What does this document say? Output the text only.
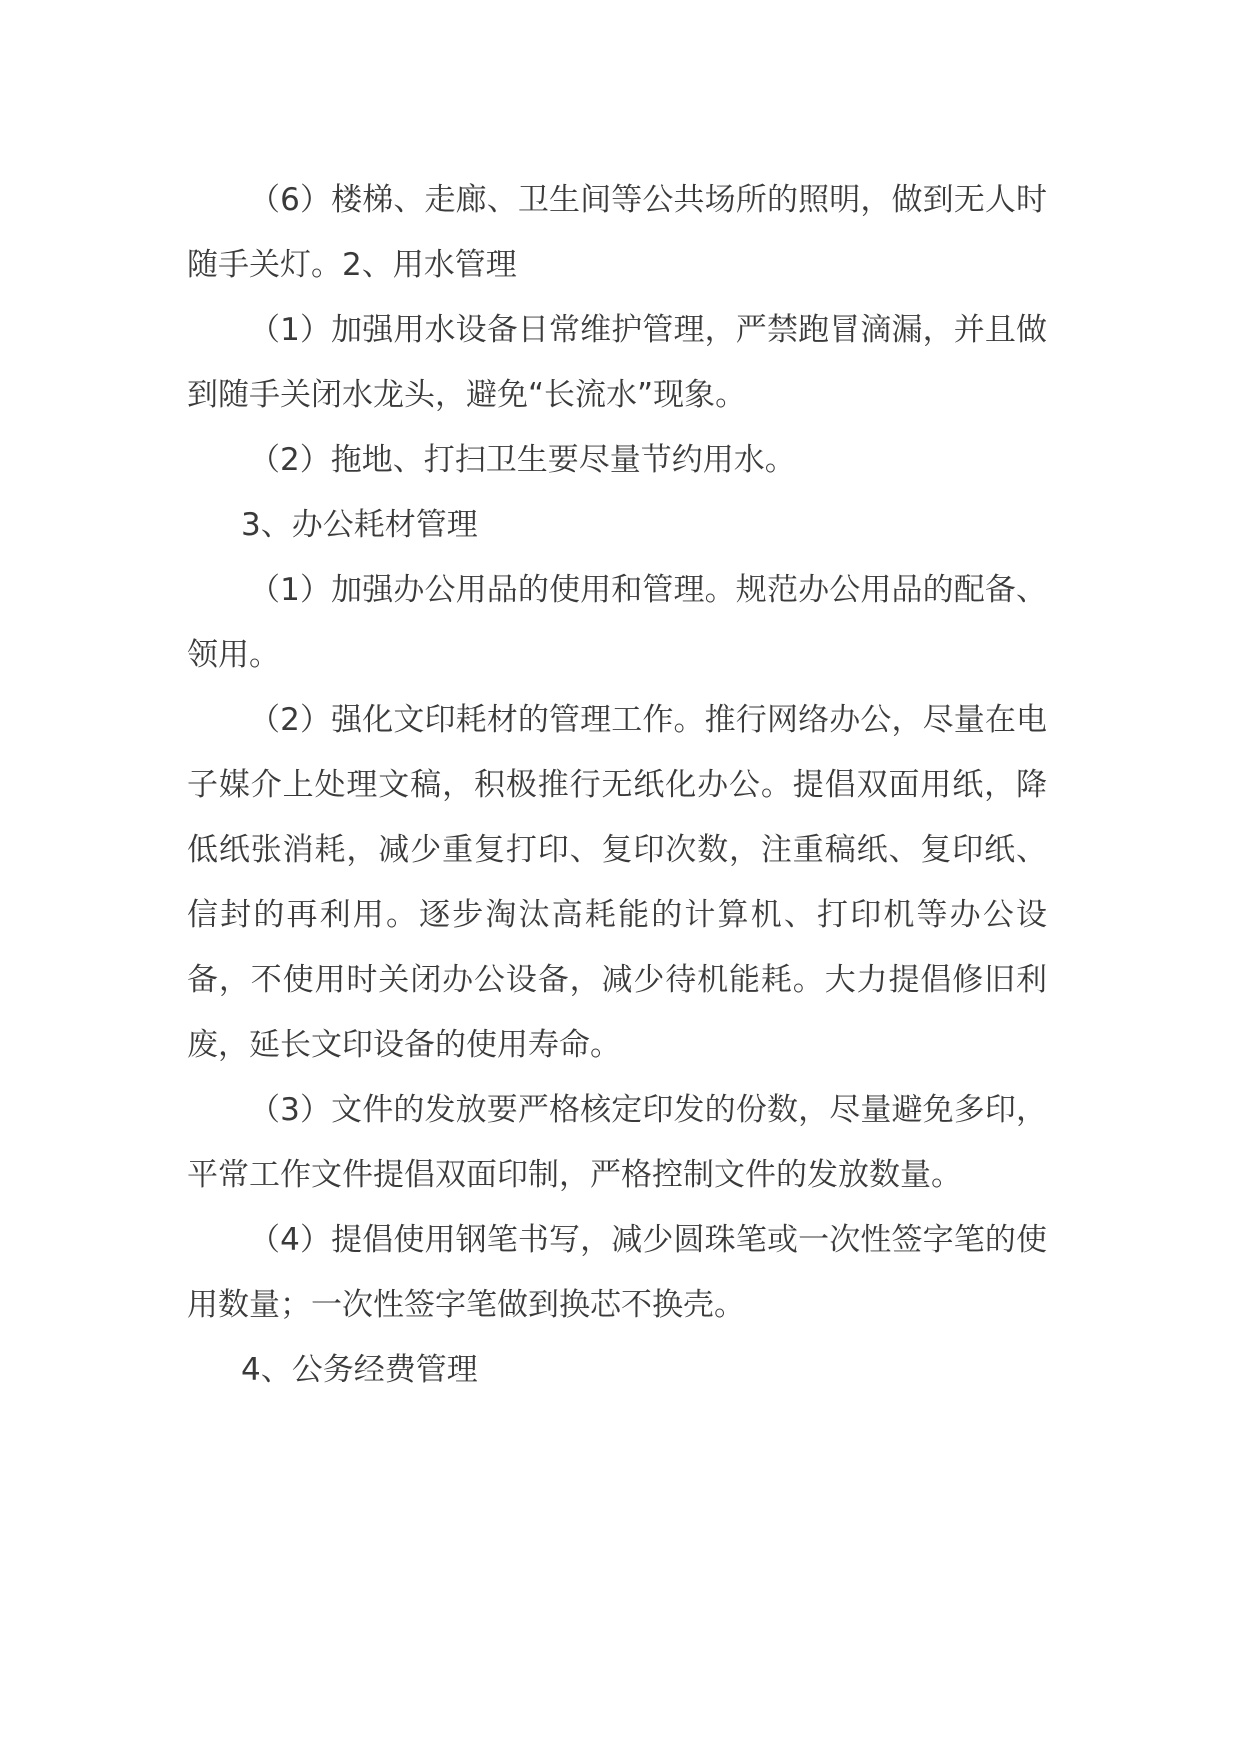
（6）楼梯、走廊、卫生间等公共场所的照明，做到无人时随手关灯。2、用水管理

（1）加强用水设备日常维护管理，严禁跑冒滴漏，并且做到随手关闭水龙头，避免“长流水”现象。

（2）拖地、打扫卫生要尽量节约用水。

3、办公耗材管理

（1）加强办公用品的使用和管理。规范办公用品的配备、领用。

（2）强化文印耗材的管理工作。推行网络办公，尽量在电子媒介上处理文稿，积极推行无纸化办公。提倡双面用纸，降低纸张消耗，减少重复打印、复印次数，注重稿纸、复印纸、信封的再利用。逐步淘汰高耗能的计算机、打印机等办公设备，不使用时关闭办公设备，减少待机能耗。大力提倡修旧利废，延长文印设备的使用寿命。

（3）文件的发放要严格核定印发的份数，尽量避免多印，平常工作文件提倡双面印制，严格控制文件的发放数量。

（4）提倡使用钢笔书写，减少圆珠笔或一次性签字笔的使用数量；一次性签字笔做到换芯不换壳。

4、公务经费管理
